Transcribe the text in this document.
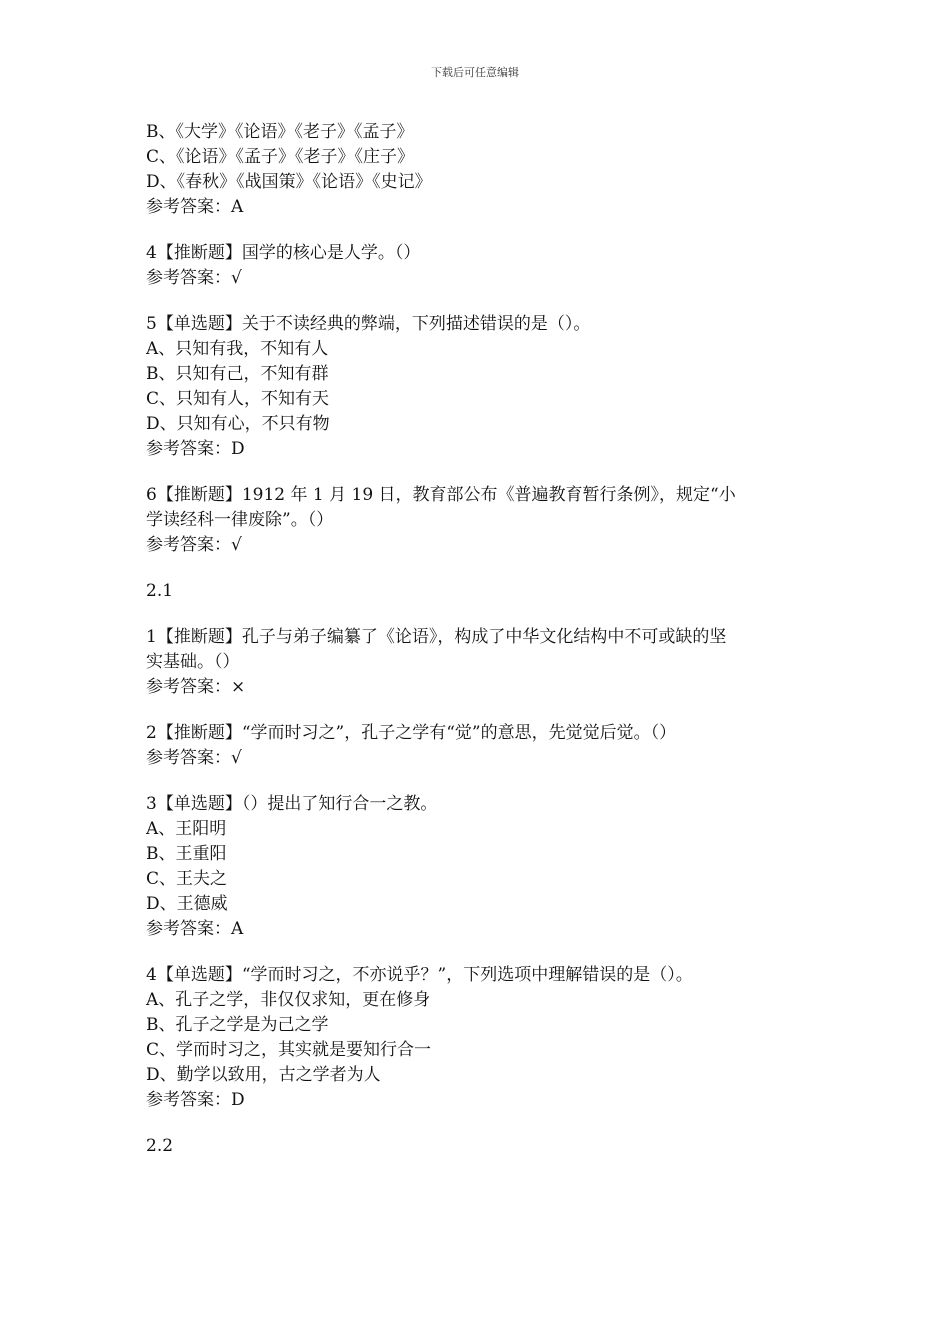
下载后可任意编辑
B、《大学》《论语》《老子》《孟子》
C、《论语》《孟子》《老子》《庄子》
D、《春秋》《战国策》《论语》《史记》
参考答案：A
4【推断题】国学的核心是人学。（）
参考答案：√
5【单选题】关于不读经典的弊端，下列描述错误的是（）。
A、只知有我，不知有人
B、只知有己，不知有群
C、只知有人，不知有天
D、只知有心，不只有物
参考答案：D
6【推断题】1912 年 1 月 19 日，教育部公布《普遍教育暂行条例》，规定“小
学读经科一律废除”。（）
参考答案：√
2.1
1【推断题】孔子与弟子编纂了《论语》，构成了中华文化结构中不可或缺的坚
实基础。（）
参考答案：×
2【推断题】“学而时习之”，孔子之学有“觉”的意思，先觉觉后觉。（）
参考答案：√
3【单选题】（）提出了知行合一之教。
A、王阳明
B、王重阳
C、王夫之
D、王德威
参考答案：A
4【单选题】“学而时习之，不亦说乎？”，下列选项中理解错误的是（）。
A、孔子之学，非仅仅求知，更在修身
B、孔子之学是为己之学
C、学而时习之，其实就是要知行合一
D、勤学以致用，古之学者为人
参考答案：D
2.2
